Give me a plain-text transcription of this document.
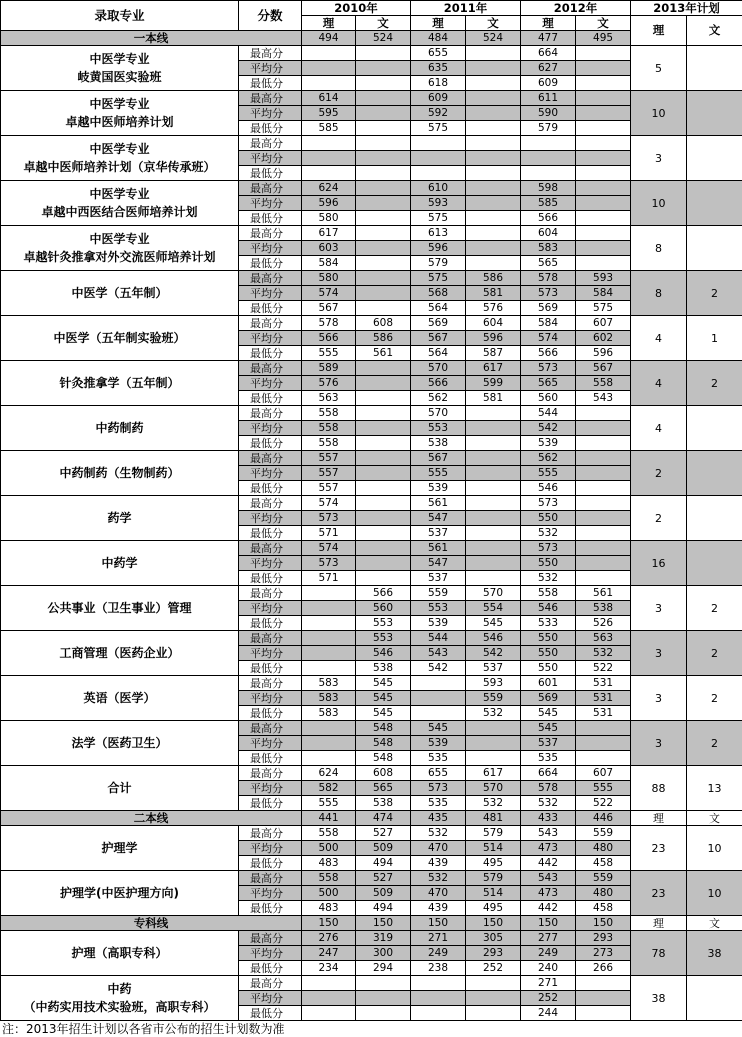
录取专业	分数	2010年		2011年		2012年		2013年计划	
		理	文	理	文	理	文	理	文
一本线		494	524	484	524	477	495		

中医学专业
岐黄国医实验班	最高分			655		664		5	
	平均分			635		627			
	最低分			618		609			

中医学专业
卓越中医师培养计划	最高分	614		609		611		10	
	平均分	595		592		590			
	最低分	585		575		579			

中医学专业
卓越中医师培养计划（京华传承班）	最高分							3	
	平均分								
	最低分								

中医学专业
卓越中西医结合医师培养计划	最高分	624		610		598		10	
	平均分	596		593		585			
	最低分	580		575		566			

中医学专业
卓越针灸推拿对外交流医师培养计划	最高分	617		613		604		8	
	平均分	603		596		583			
	最低分	584		579		565			

中医学（五年制）	最高分	580		575	586	578	593	8	2
	平均分	574		568	581	573	584		
	最低分	567		564	576	569	575		

中医学（五年制实验班）	最高分	578	608	569	604	584	607	4	1
	平均分	566	586	567	596	574	602		
	最低分	555	561	564	587	566	596		

针灸推拿学（五年制）	最高分	589		570	617	573	567	4	2
	平均分	576		566	599	565	558		
	最低分	563		562	581	560	543		

中药制药	最高分	558		570		544		4	
	平均分	558		553		542			
	最低分	558		538		539			

中药制药（生物制药）	最高分	557		567		562		2	
	平均分	557		555		555			
	最低分	557		539		546			

药学	最高分	574		561		573		2	
	平均分	573		547		550			
	最低分	571		537		532			

中药学	最高分	574		561		573		16	
	平均分	573		547		550			
	最低分	571		537		532			

公共事业（卫生事业）管理	最高分		566	559	570	558	561	3	2
	平均分		560	553	554	546	538		
	最低分		553	539	545	533	526		

工商管理（医药企业）	最高分		553	544	546	550	563	3	2
	平均分		546	543	542	550	532		
	最低分		538	542	537	550	522		

英语（医学）	最高分	583	545		593	601	531	3	2
	平均分	583	545		559	569	531		
	最低分	583	545		532	545	531		

法学（医药卫生）	最高分		548	545		545		3	2
	平均分		548	539		537			
	最低分		548	535		535			

合计	最高分	624	608	655	617	664	607	88	13
	平均分	582	565	573	570	578	555		
	最低分	555	538	535	532	532	522		
二本线		441	474	435	481	433	446	理	文

护理学	最高分	558	527	532	579	543	559	23	10
	平均分	500	509	470	514	473	480		
	最低分	483	494	439	495	442	458		

护理学(中医护理方向)	最高分	558	527	532	579	543	559	23	10
	平均分	500	509	470	514	473	480		
	最低分	483	494	439	495	442	458		
专科线		150	150	150	150	150	150	理	文

护理（高职专科）	最高分	276	319	271	305	277	293	78	38
	平均分	247	300	249	293	249	273		
	最低分	234	294	238	252	240	266		

中药
（中药实用技术实验班，高职专科）	最高分					271		38	
	平均分					252			
	最低分					244			
注：2013年招生计划以各省市公布的招生计划数为准
